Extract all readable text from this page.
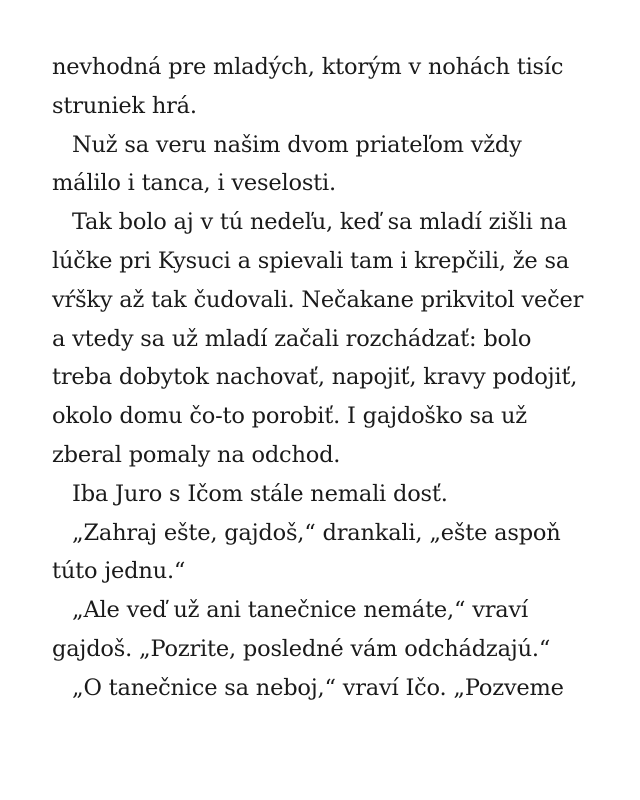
nevhodná pre mladých, ktorým v nohách tisíc
struniek hrá.
Nuž sa veru našim dvom priateľom vždy
málilo i tanca, i veselosti.
Tak bolo aj v tú nedeľu, keď sa mladí zišli na
lúčke pri Kysuci a spievali tam i krepčili, že sa
vŕšky až tak čudovali. Nečakane prikvitol večer
a vtedy sa už mladí začali rozchádzať: bolo
treba dobytok nachovať, napojiť, kravy podojiť,
okolo domu čo-to porobiť. I gajdoško sa už
zberal pomaly na odchod.
Iba Juro s Ičom stále nemali dosť.
„Zahraj ešte, gajdoš,“ drankali, „ešte aspoň
túto jednu.“
„Ale veď už ani tanečnice nemáte,“ vraví
gajdoš. „Pozrite, posledné vám odchádzajú.“
„O tanečnice sa neboj,“ vraví Ičo. „Pozveme
